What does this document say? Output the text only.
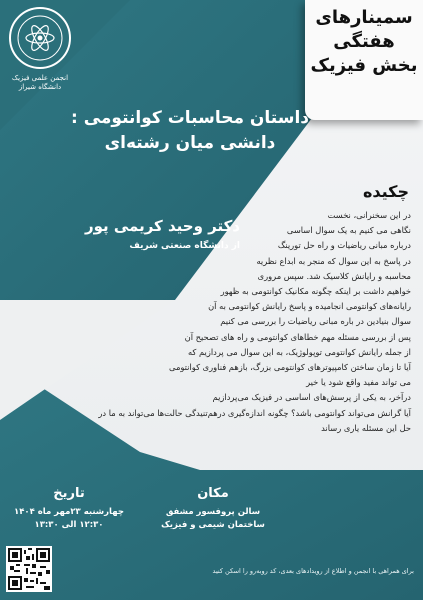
انجمن علمی فیزیک
دانشگاه شیراز
سمینارهای
هفتگی
بخش فیزیک
داستان محاسبات کوانتومی :
دانشی میان رشته‌ای
دکتر وحید کریمی پور
از دانشگاه صنعتی شریف
چکیده
در این سخنرانی، نخست
نگاهی می کنیم به یک سوال اساسی
درباره مبانی ریاضیات و راه حل تورینگ
در پاسخ به این سوال که منجر به ابداع نظریه
محاسبه و رایانش کلاسیک شد. سپس مروری
خواهیم داشت بر اینکه چگونه مکانیک کوانتومی به ظهور
رایانه‌های کوانتومی انجامیده و پاسخ رایانش کوانتومی به آن
سوال بنیادین در باره مبانی ریاضیات را بررسی می کنیم
پس از بررسی مسئله مهم خطاهای کوانتومی و راه های تصحیح آن
از جمله رایانش کوانتومی توپولوژیک، به این سوال می پردازیم که
آیا تا زمان ساختن کامپیوترهای کوانتومی بزرگ، بازهم فناوری کوانتومی
می تواند مفید واقع شود یا خیر
درآخر، به یکی از پرسش‌های اساسی در فیزیک می‌پردازیم
آیا گرانش می‌تواند کوانتومی باشد؟ چگونه اندازه‌گیری درهم‌تنیدگی حالت‌ها می‌تواند به ما در
حل این مسئله یاری رساند
مکان
سالن پروفسور مشفق
ساختمان شیمی و فیزیک
تاریخ
چهارشنبه ۲۳مهر ماه ۱۴۰۴
۱۲:۳۰ الی ۱۳:۳۰
برای همراهی با انجمن و اطلاع از رویدادهای بعدی، کد روبه‌رو را اسکن کنید
